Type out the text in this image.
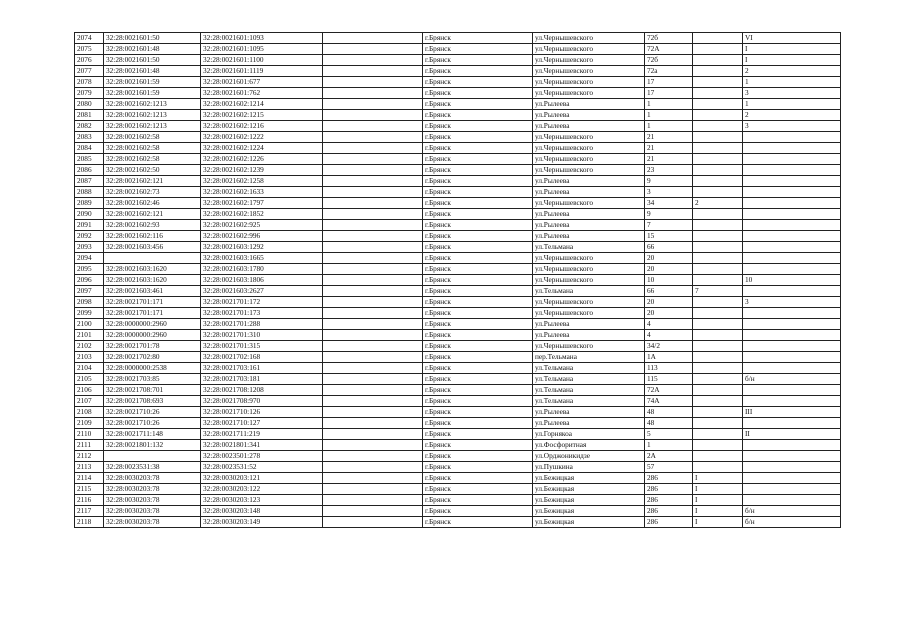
2074	32:28:0021601:50	32:28:0021601:1093		г.Брянск	ул.Чернышевского	72б		VI
2075	32:28:0021601:48	32:28:0021601:1095		г.Брянск	ул.Чернышевского	72А		I
2076	32:28:0021601:50	32:28:0021601:1100		г.Брянск	ул.Чернышевского	72б		I
2077	32:28:0021601:48	32:28:0021601:1119		г.Брянск	ул.Чернышевского	72а		2
2078	32:28:0021601:59	32:28:0021601:677		г.Брянск	ул.Чернышевского	17		1
2079	32:28:0021601:59	32:28:0021601:762		г.Брянск	ул.Чернышевского	17		3
2080	32:28:0021602:1213	32:28:0021602:1214		г.Брянск	ул.Рылеева	1		1
2081	32:28:0021602:1213	32:28:0021602:1215		г.Брянск	ул.Рылеева	1		2
2082	32:28:0021602:1213	32:28:0021602:1216		г.Брянск	ул.Рылеева	1		3
2083	32:28:0021602:58	32:28:0021602:1222		г.Брянск	ул.Чернышевского	21		
2084	32:28:0021602:58	32:28:0021602:1224		г.Брянск	ул.Чернышевского	21		
2085	32:28:0021602:58	32:28:0021602:1226		г.Брянск	ул.Чернышевского	21		
2086	32:28:0021602:50	32:28:0021602:1239		г.Брянск	ул.Чернышевского	23		
2087	32:28:0021602:121	32:28:0021602:1258		г.Брянск	ул.Рылеева	9		
2088	32:28:0021602:73	32:28:0021602:1633		г.Брянск	ул.Рылеева	3		
2089	32:28:0021602:46	32:28:0021602:1797		г.Брянск	ул.Чернышевского	34	2	
2090	32:28:0021602:121	32:28:0021602:1852		г.Брянск	ул.Рылеева	9		
2091	32:28:0021602:93	32:28:0021602:925		г.Брянск	ул.Рылеева	7		
2092	32:28:0021602:116	32:28:0021602:996		г.Брянск	ул.Рылеева	15		
2093	32:28:0021603:456	32:28:0021603:1292		г.Брянск	ул.Тельмана	66		
2094		32:28:0021603:1665		г.Брянск	ул.Чернышевского	20		
2095	32:28:0021603:1620	32:28:0021603:1780		г.Брянск	ул.Чернышевского	20		
2096	32:28:0021603:1620	32:28:0021603:1806		г.Брянск	ул.Чернышевского	10		10
2097	32:28:0021603:461	32:28:0021603:2627		г.Брянск	ул.Тельмана	66	7	
2098	32:28:0021701:171	32:28:0021701:172		г.Брянск	ул.Чернышевского	20		3
2099	32:28:0021701:171	32:28:0021701:173		г.Брянск	ул.Чернышевского	20		
2100	32:28:0000000:2960	32:28:0021701:288		г.Брянск	ул.Рылеева	4		
2101	32:28:0000000:2960	32:28:0021701:310		г.Брянск	ул.Рылеева	4		
2102	32:28:0021701:78	32:28:0021701:315		г.Брянск	ул.Чернышевского	34/2		
2103	32:28:0021702:80	32:28:0021702:168		г.Брянск	пер.Тельмана	1А		
2104	32:28:0000000:2538	32:28:0021703:161		г.Брянск	ул.Тельмана	113		
2105	32:28:0021703:85	32:28:0021703:181		г.Брянск	ул.Тельмана	115		б/н
2106	32:28:0021708:701	32:28:0021708:1208		г.Брянск	ул.Тельмана	72А		
2107	32:28:0021708:693	32:28:0021708:970		г.Брянск	ул.Тельмана	74А		
2108	32:28:0021710:26	32:28:0021710:126		г.Брянск	ул.Рылеева	48		III
2109	32:28:0021710:26	32:28:0021710:127		г.Брянск	ул.Рылеева	48		
2110	32:28:0021711:148	32:28:0021711:219		г.Брянск	ул.Горнякоа	5		II
2111	32:28:0021801:132	32:28:0021801:341		г.Брянск	ул.Фосфоритная	1		
2112		32:28:0023501:278		г.Брянск	ул.Орджоникидзе	2А		
2113	32:28:0023531:38	32:28:0023531:52		г.Брянск	ул.Пушкина	57		
2114	32:28:0030203:78	32:28:0030203:121		г.Брянск	ул.Бежицкая	286	I	
2115	32:28:0030203:78	32:28:0030203:122		г.Брянск	ул.Бежицкая	286	I	
2116	32:28:0030203:78	32:28:0030203:123		г.Брянск	ул.Бежицкая	286	I	
2117	32:28:0030203:78	32:28:0030203:148		г.Брянск	ул.Бежицкая	286	I	б/н
2118	32:28:0030203:78	32:28:0030203:149		г.Брянск	ул.Бежицкая	286	I	б/н
